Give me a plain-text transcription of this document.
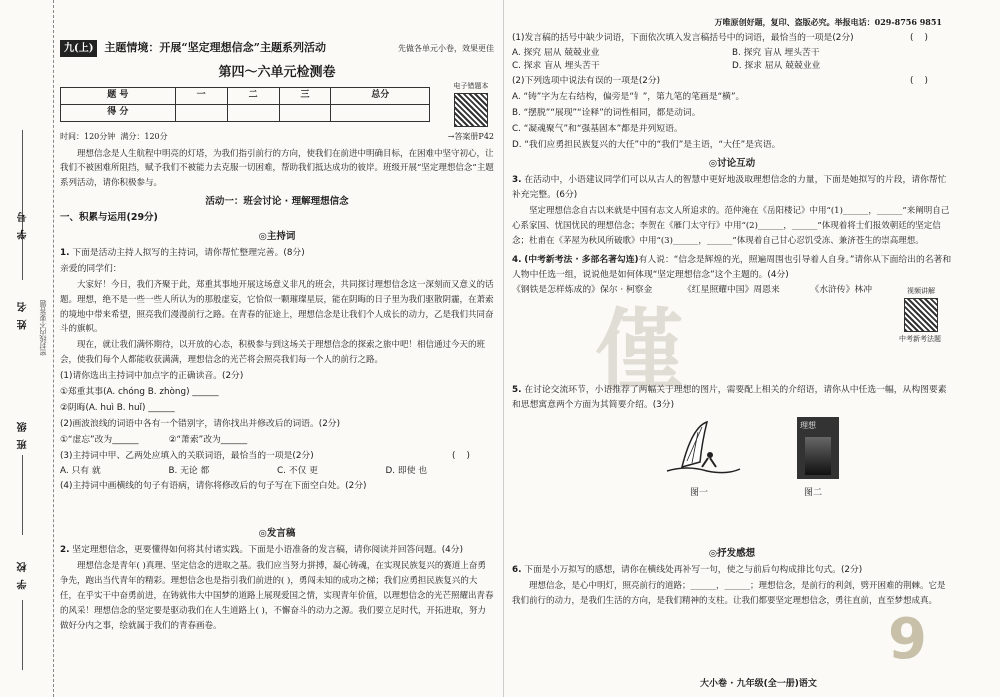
学 校
班 级
姓 名
学 号
密封线内不要答题
万唯原创好题，复印、盗版必究。举报电话：029-8756 9851
僅
九(上) 主题情境：开展“坚定理想信念”主题系列活动	先做各单元小卷，效果更佳
第四～六单元检测卷
题 号	一	二	三	总分
得 分				
电子错题本
时间：120分钟 满分：120分	→答案册P42

理想信念是人生航程中明亮的灯塔，为我们指引前行的方向，使我们在前进中明确目标，在困难中坚守初心，让我们不被困难所阻挡，赋予我们不被能力去克服一切困难，帮助我们抵达成功的彼岸。班级开展“坚定理想信念”主题系列活动，请你积极参与。

活动一：班会讨论 · 理解理想信念
一、积累与运用(29分)
◎主持词

1. 下面是活动主持人拟写的主持词，请你帮忙整理完善。(8分)

亲爱的同学们：

大家好！今日，我们齐聚于此，郑重其事地开展这场意义非凡的班会，共同探讨理想信念这一深刻而又意义的话题。理想，绝不是一些一些人所认为的那般虚妄，它恰似一颗璀璨星辰，能在阴晦的日子里为我们驱散阴霾，在萧索的境地中带来希望，照亮我们漫漫前行之路。在青春的征途上，理想信念是让我们个人成长的动力，乙是我们共同奋斗的旗帜。

现在，就让我们满怀期待，以开放的心态，积极参与到这场关于理想信念的探索之旅中吧！相信通过今天的班会，使我们每个人都能收获满满，理想信念的光芒将会照亮我们每一个人的前行之路。

(1)请你选出主持词中加点字的正确读音。(2分)

①郑重其事(A. chóng B. zhòng) ______

②阴晦(A. huì B. huǐ) ______

(2)画波浪线的词语中各有一个错别字，请你找出并修改后的词语。(2分)

①“虚忘”改为______	②“萧索”改为______

(3)主持词中甲、乙两处应填入的关联词语，最恰当的一项是(2分)	(    )

A. 只有 就	B. 无论 都	C. 不仅 更	D. 即使 也

(4)主持词中画横线的句子有语病，请你将修改后的句子写在下面空白处。(2分)

◎发言稿

2. 坚定理想信念，更要懂得如何将其付诸实践。下面是小语准备的发言稿，请你阅读并回答问题。(4分)

理想信念是青年( )真理、坚定信念的进取之基。我们应当努力拼搏，凝心铸魂，在实现民族复兴的赛道上奋勇争先，跑出当代青年的精彩。理想信念也是指引我们前进的( )，勇闯未知的成功之梯；我们应勇担民族复兴的大任，在乎实干中奋勇前进，在铸就伟大中国梦的道路上展现爱国之情，实现青年价值，以理想信念的光芒照耀出青春的风采！理想信念的坚定要是驱动我们在人生道路上( )，不懈奋斗的动力之源。我们要立足时代，开拓进取，努力做好分内之事，绘就属于我们的青春画卷。

(1)发言稿的括号中缺少词语，下面依次填入发言稿括号中的词语，最恰当的一项是(2分)	(    )

A. 探究 屈从 兢兢业业	B. 探究 盲从 埋头苦干
C. 探求 盲从 埋头苦干	D. 探求 屈从 兢兢业业

(2)下列选项中说法有误的一项是(2分)	(    )

A. “铸”字为左右结构，偏旁是“钅”，第九笔的笔画是“横”。

B. “摆脱”“展现”“诠释”的词性相同，都是动词。

C. “凝魂聚气”和“强基固本”都是并列短语。

D. “我们应勇担民族复兴的大任”中的“我们”是主语，“大任”是宾语。

◎讨论互动

3. 在活动中，小语建议同学们可以从古人的智慧中更好地汲取理想信念的力量，下面是她拟写的片段，请你帮忙补充完整。(6分)

坚定理想信念自古以来就是中国有志文人所追求的。范仲淹在《岳阳楼记》中用“(1)______，______”来阐明自己心系家国、忧国忧民的理想信念；李贺在《雁门太守行》中用“(2)______，______”体现着将士们报效朝廷的坚定信念；杜甫在《茅屋为秋风所破歌》中用“(3)______，______”体现着自己甘心忍饥受冻、兼济苍生的崇高理想。

4. (中考新考法 · 多部名著勾连)有人说：“信念是辉煌的光，照遍周围也引导着人自身。”请你从下面给出的名著和人物中任选一组，说说他是如何体现“坚定理想信念”这个主题的。(4分)

《钢铁是怎样炼成的》保尔 · 柯察金	《红星照耀中国》周恩来	《水浒传》林冲	视频讲解
中考新考法题

5. 在讨论交流环节，小语推荐了两幅关于理想的图片，需要配上相关的介绍语，请你从中任选一幅，从构图要素和思想寓意两个方面为其简要介绍。(3分)

理想
图一	图二
◎抒发感想

6. 下面是小万拟写的感想，请你在横线处再补写一句，使之与前后句构成排比句式。(2分)

理想信念，是心中明灯，照亮前行的道路；______，______；理想信念，是前行的利剑，劈开困难的荆棘。它是我们前行的动力，是我们生活的方向，是我们精神的支柱。让我们都要坚定理想信念，勇往直前，直至梦想成真。

9
大小卷 · 九年级(全一册)语文
